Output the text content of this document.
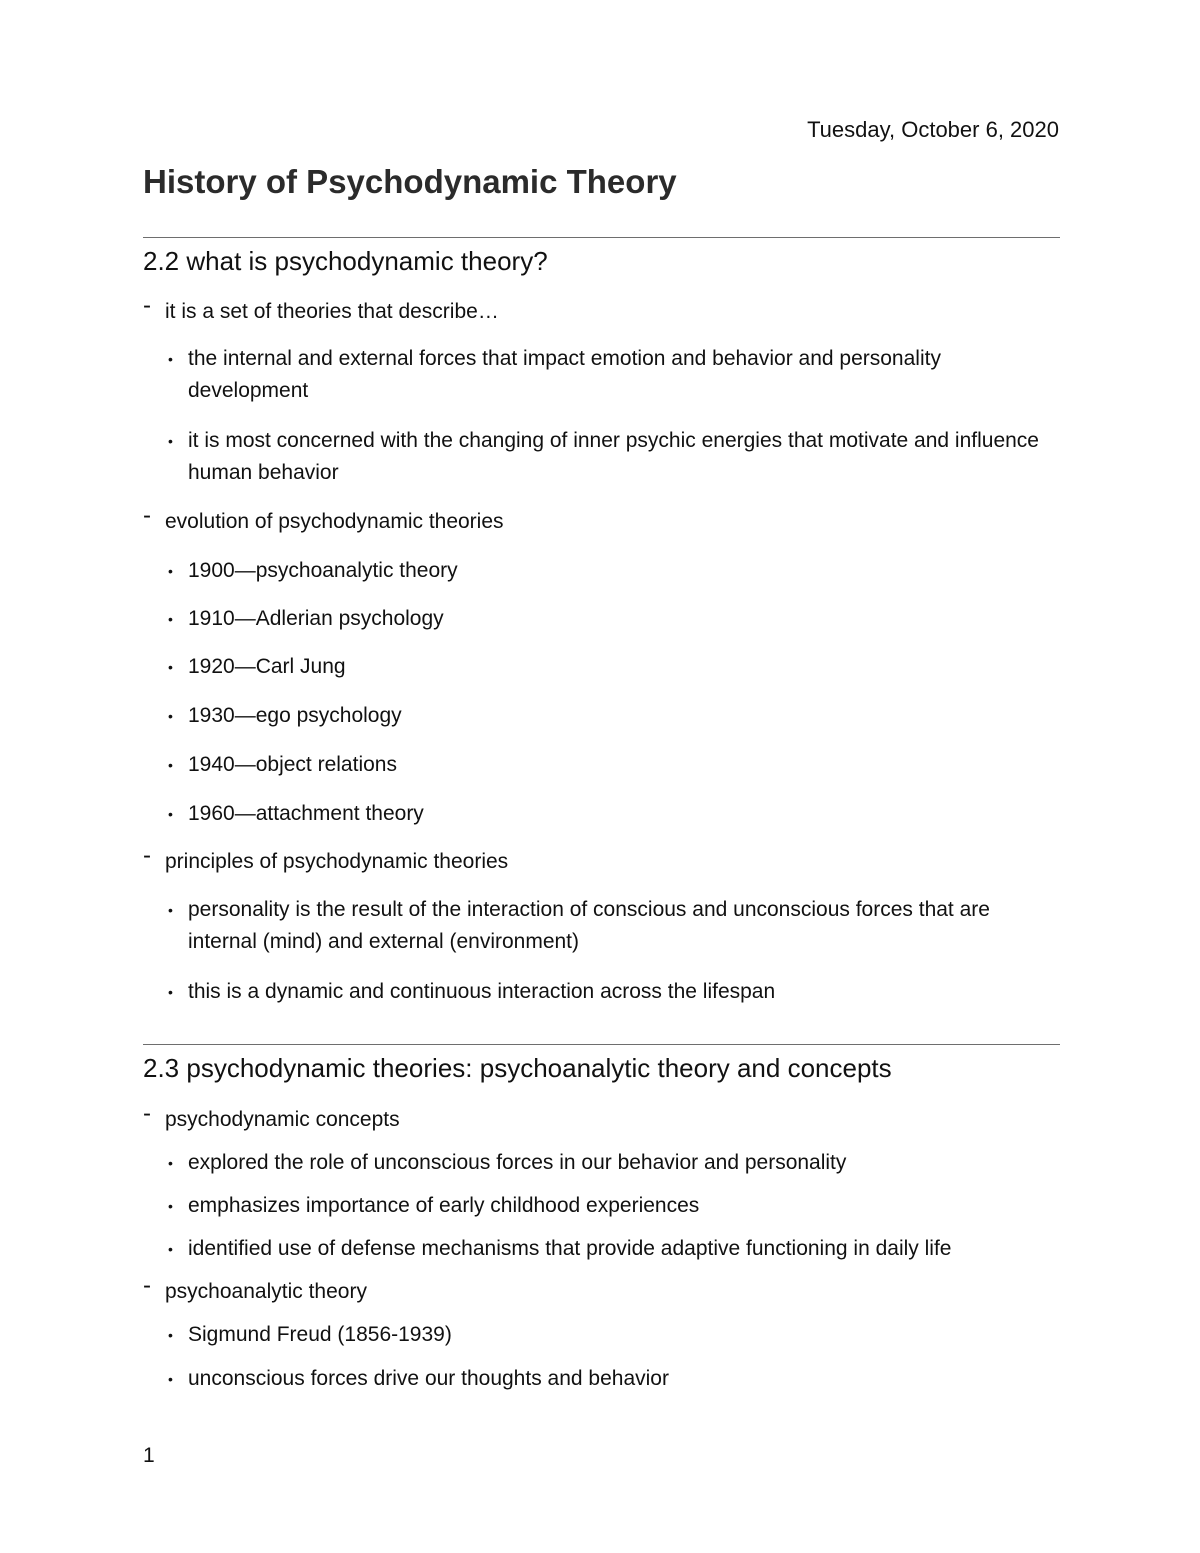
Tuesday, October 6, 2020
History of Psychodynamic Theory
2.2 what is psychodynamic theory?
- it is a set of theories that describe…
• the internal and external forces that impact emotion and behavior and personality development
• it is most concerned with the changing of inner psychic energies that motivate and influence human behavior
- evolution of psychodynamic theories
• 1900—psychoanalytic theory
• 1910—Adlerian psychology
• 1920—Carl Jung
• 1930—ego psychology
• 1940—object relations
• 1960—attachment theory
- principles of psychodynamic theories
• personality is the result of the interaction of conscious and unconscious forces that are internal (mind) and external (environment)
• this is a dynamic and continuous interaction across the lifespan
2.3 psychodynamic theories: psychoanalytic theory and concepts
- psychodynamic concepts
• explored the role of unconscious forces in our behavior and personality
• emphasizes importance of early childhood experiences
• identified use of defense mechanisms that provide adaptive functioning in daily life
- psychoanalytic theory
• Sigmund Freud (1856-1939)
• unconscious forces drive our thoughts and behavior
1
